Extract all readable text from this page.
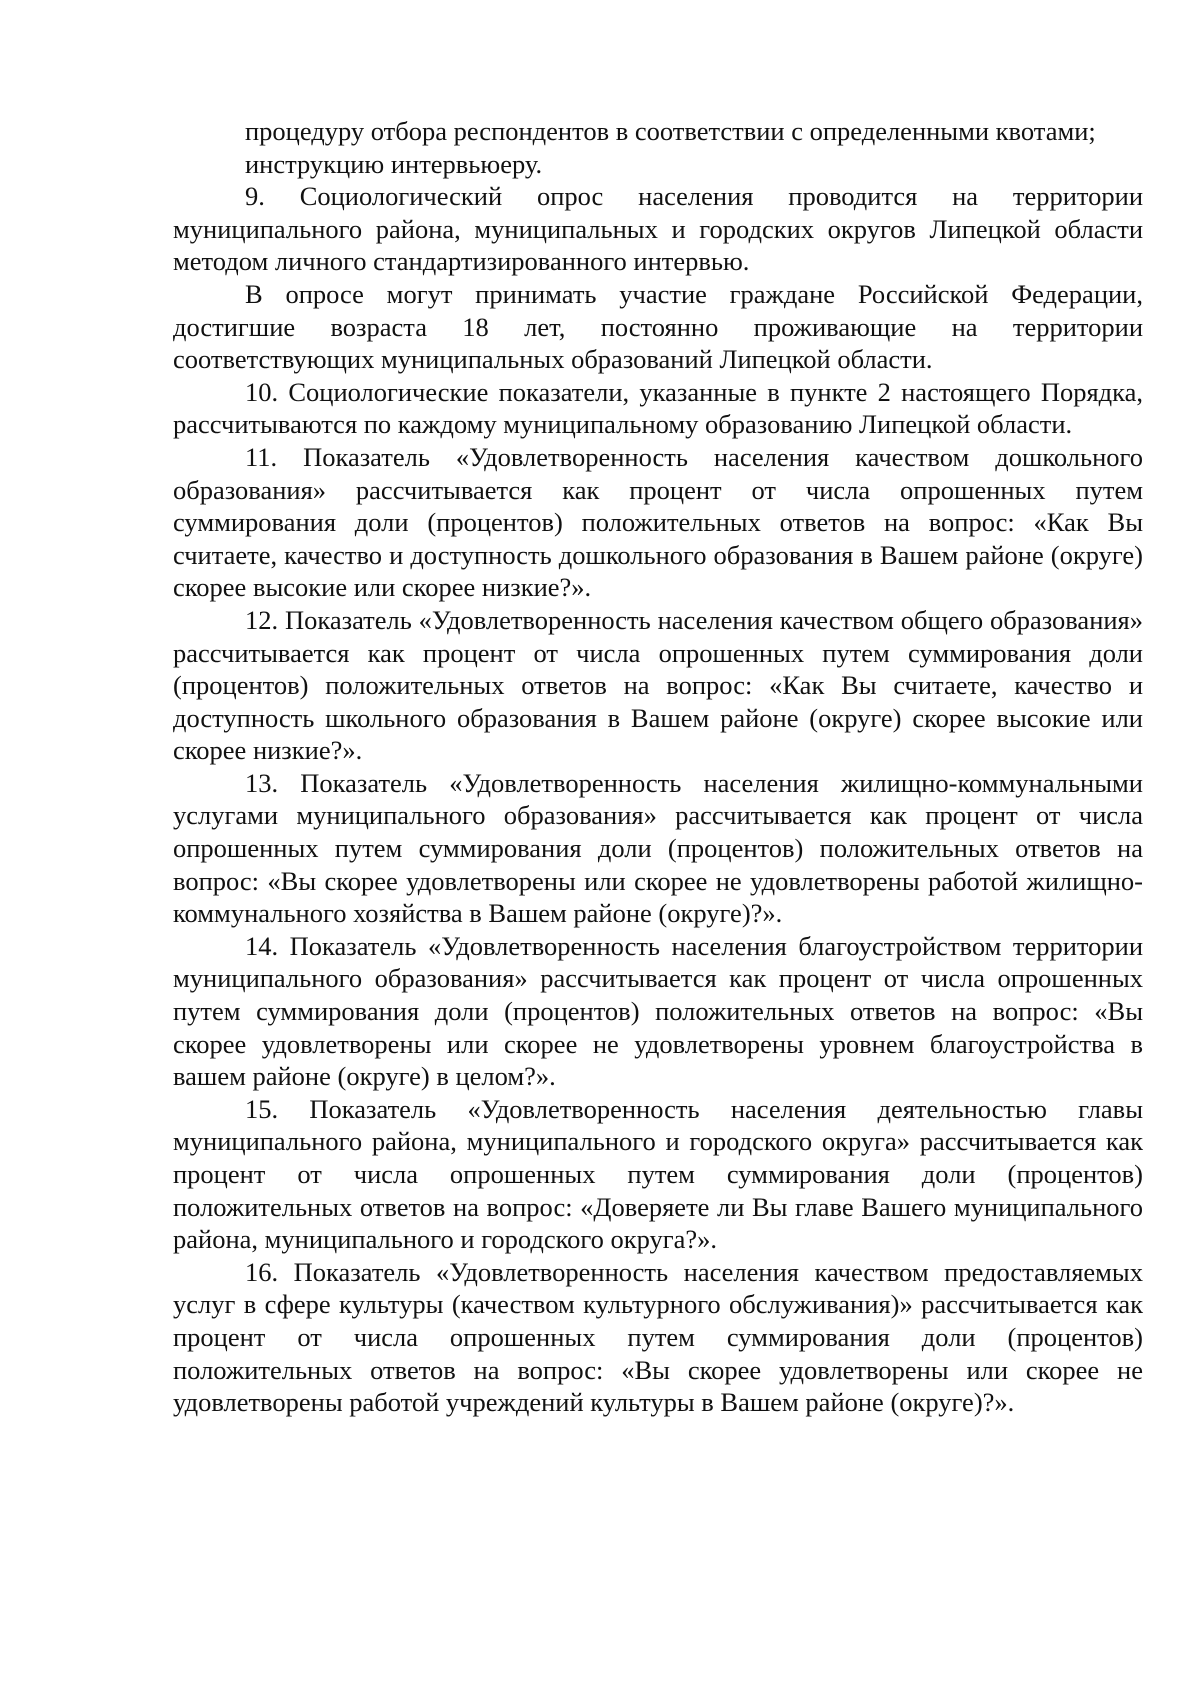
процедуру отбора респондентов в соответствии с определенными квотами;

инструкцию интервьюеру.

9. Социологический опрос населения проводится на территории муниципального района, муниципальных и городских округов Липецкой области методом личного стандартизированного интервью.

В опросе могут принимать участие граждане Российской Федерации, достигшие возраста 18 лет, постоянно проживающие на территории соответствующих муниципальных образований Липецкой области.

10. Социологические показатели, указанные в пункте 2 настоящего Порядка, рассчитываются по каждому муниципальному образованию Липецкой области.

11. Показатель «Удовлетворенность населения качеством дошкольного образования» рассчитывается как процент от числа опрошенных путем суммирования доли (процентов) положительных ответов на вопрос: «Как Вы считаете, качество и доступность дошкольного образования в Вашем районе (округе) скорее высокие или скорее низкие?».

12. Показатель «Удовлетворенность населения качеством общего образования» рассчитывается как процент от числа опрошенных путем суммирования доли (процентов) положительных ответов на вопрос: «Как Вы считаете, качество и доступность школьного образования в Вашем районе (округе) скорее высокие или скорее низкие?».

13. Показатель «Удовлетворенность населения жилищно-коммунальными услугами муниципального образования» рассчитывается как процент от числа опрошенных путем суммирования доли (процентов) положительных ответов на вопрос: «Вы скорее удовлетворены или скорее не удовлетворены работой жилищно-коммунального хозяйства в Вашем районе (округе)?».

14. Показатель «Удовлетворенность населения благоустройством территории муниципального образования» рассчитывается как процент от числа опрошенных путем суммирования доли (процентов) положительных ответов на вопрос: «Вы скорее удовлетворены или скорее не удовлетворены уровнем благоустройства в вашем районе (округе) в целом?».

15. Показатель «Удовлетворенность населения деятельностью главы муниципального района, муниципального и городского округа» рассчитывается как процент от числа опрошенных путем суммирования доли (процентов) положительных ответов на вопрос: «Доверяете ли Вы главе Вашего муниципального района, муниципального и городского округа?».

16. Показатель «Удовлетворенность населения качеством предоставляемых услуг в сфере культуры (качеством культурного обслуживания)» рассчитывается как процент от числа опрошенных путем суммирования доли (процентов) положительных ответов на вопрос: «Вы скорее удовлетворены или скорее не удовлетворены работой учреждений культуры в Вашем районе (округе)?».
